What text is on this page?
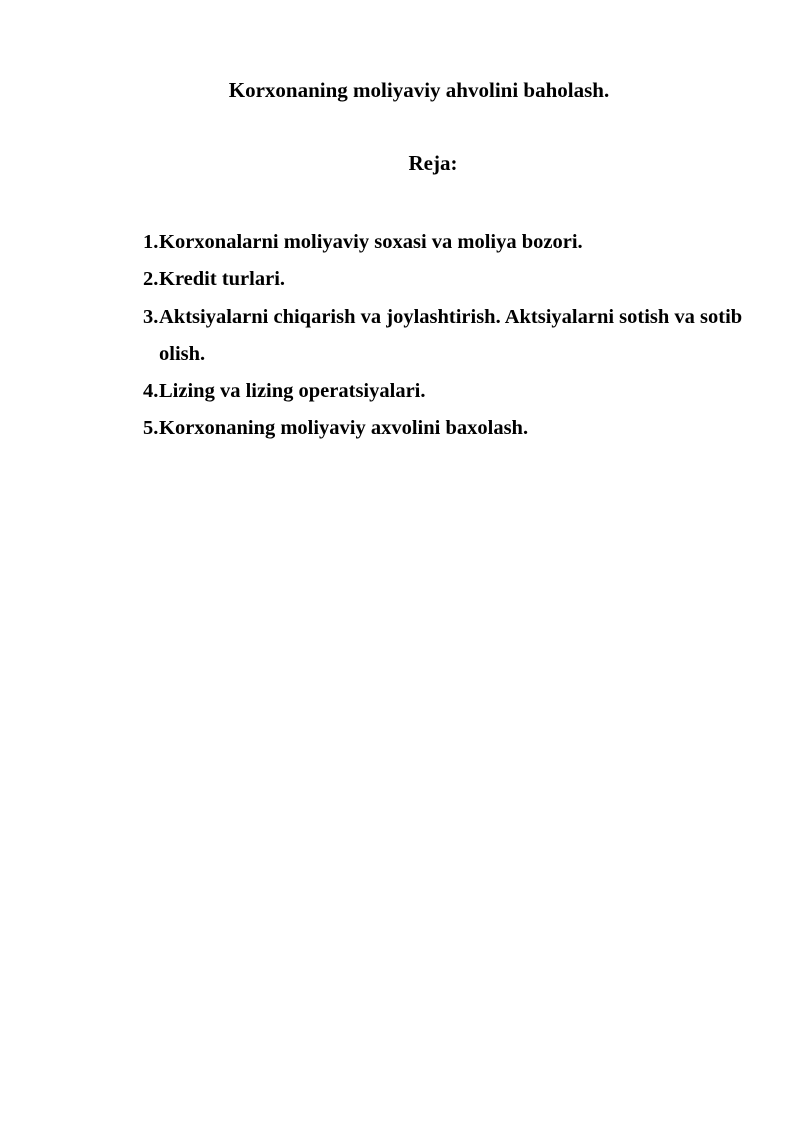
Korxonaning moliyaviy ahvolini baholash.
Reja:
1. Korxonalarni moliyaviy soxasi va moliya bozori.
2. Kredit turlari.
3. Aktsiyalarni chiqarish va joylashtirish. Aktsiyalarni sotish va sotib olish.
4. Lizing va lizing operatsiyalari.
5. Korxonaning moliyaviy axvolini baxolash.
